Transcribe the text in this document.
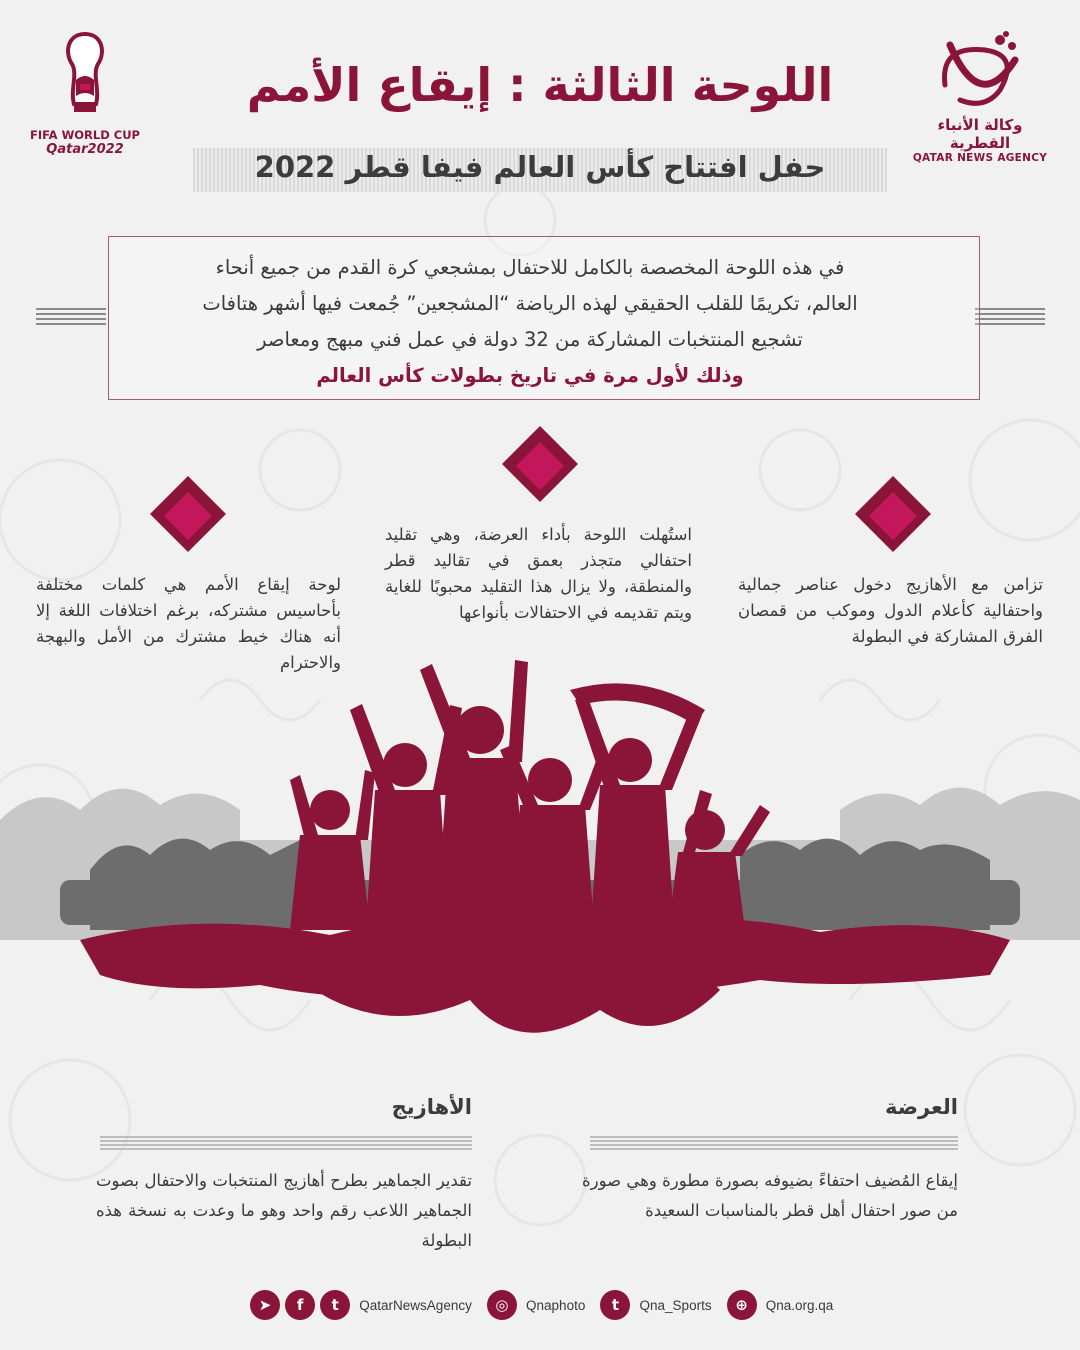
FIFA WORLD CUP
Qatar2022
وكالة الأنباء القطرية
QATAR NEWS AGENCY
اللوحة الثالثة : إيقاع الأمم
حفل افتتاح كأس العالم فيفا قطر 2022
في هذه اللوحة المخصصة بالكامل للاحتفال بمشجعي كرة القدم من جميع أنحاء
العالم، تكريمًا للقلب الحقيقي لهذه الرياضة “المشجعين” جُمعت فيها أشهر هتافات
تشجيع المنتخبات المشاركة من 32 دولة في عمل فني مبهج ومعاصر
وذلك لأول مرة في تاريخ بطولات كأس العالم
تزامن مع الأهازيج دخول عناصر جمالية واحتفالية كأعلام الدول وموكب من قمصان الفرق المشاركة في البطولة
استُهلت اللوحة بأداء العرضة، وهي تقليد احتفالي متجذر بعمق في تقاليد قطر والمنطقة، ولا يزال هذا التقليد محبوبًا للغاية ويتم تقديمه في الاحتفالات بأنواعها
لوحة إيقاع الأمم هي كلمات مختلفة بأحاسيس مشتركه، برغم اختلافات اللغة إلا أنه هناك خيط مشترك من الأمل والبهجة والاحترام
العرضة
إيقاع المُضيف احتفاءً بضيوفه بصورة مطورة وهي صورة من صور احتفال أهل قطر بالمناسبات السعيدة
الأهازيج
تقدير الجماهير بطرح أهازيج المنتخبات والاحتفال بصوت الجماهير اللاعب رقم واحد وهو ما وعدت به نسخة هذه البطولة
➤
	f
	t	QatarNewsAgency	◎	Qnaphoto	t	Qna_Sports	⊕	Qna.org.qa
